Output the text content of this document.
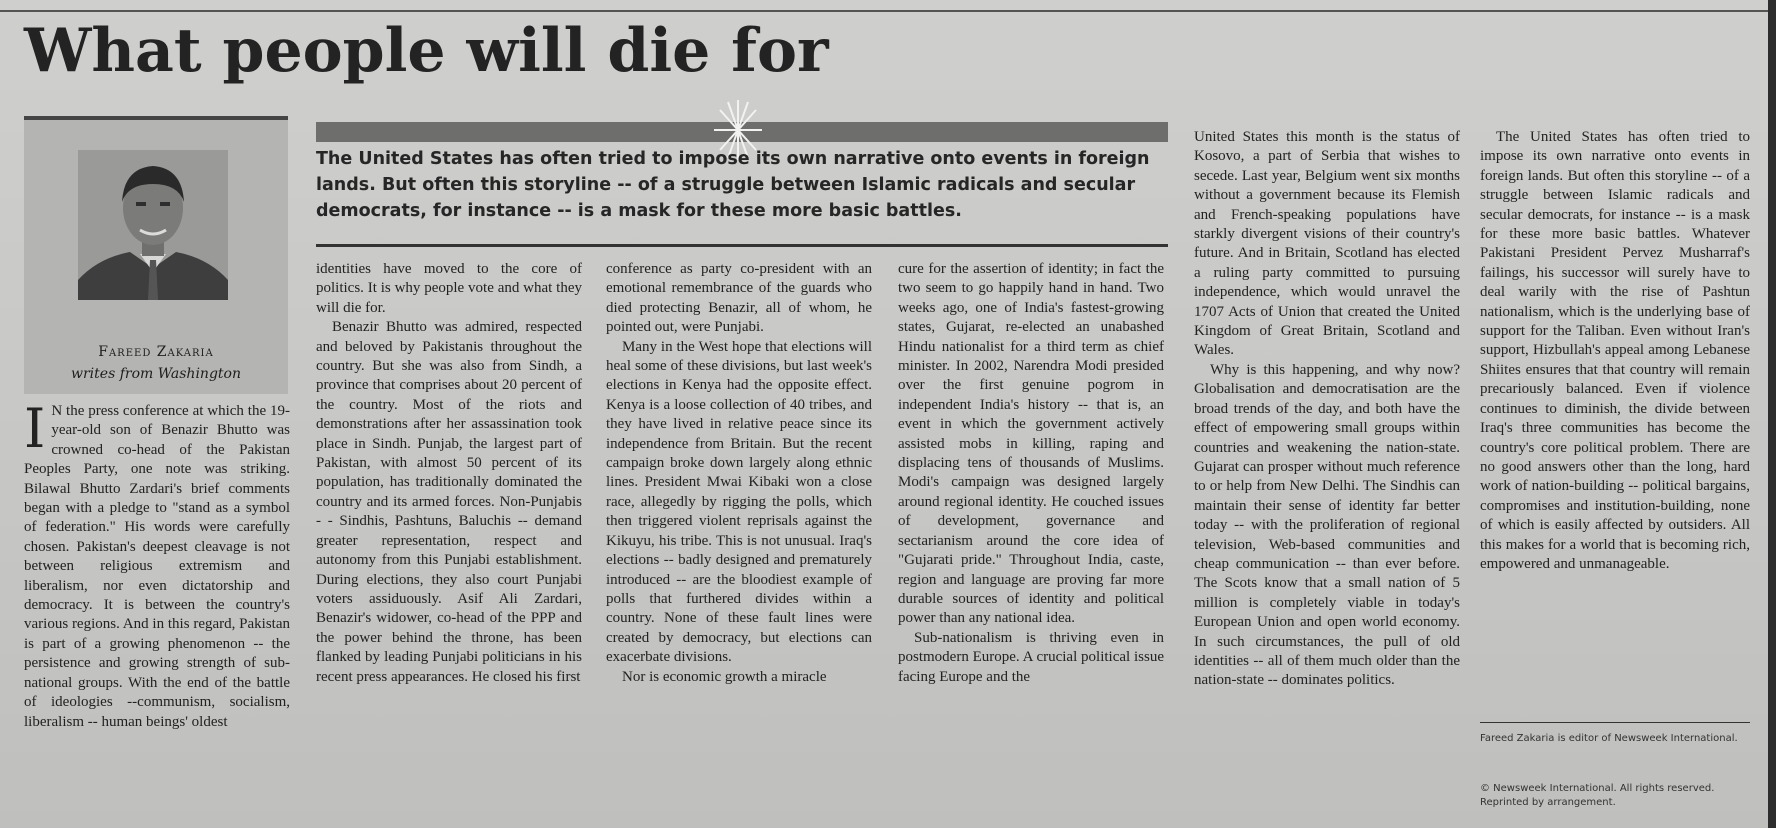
What people will die for
Fareed Zakaria
writes from Washington
The United States has often tried to impose its own narrative onto events in foreign lands. But often this storyline -- of a struggle between Islamic radicals and secular democrats, for instance -- is a mask for these more basic battles.

I N the press conference at which the 19-year-old son of Benazir Bhutto was crowned co-head of the Pakistan Peoples Party, one note was striking. Bilawal Bhutto Zardari's brief comments began with a pledge to "stand as a symbol of federation." His words were carefully chosen. Pakistan's deepest cleavage is not between religious extremism and liberalism, nor even dictatorship and democracy. It is between the country's various regions. And in this regard, Pakistan is part of a growing phenomenon -- the persistence and growing strength of sub-national groups. With the end of the battle of ideologies --communism, socialism, liberalism -- human beings' oldest

identities have moved to the core of politics. It is why people vote and what they will die for.

Benazir Bhutto was admired, respected and beloved by Pakistanis throughout the country. But she was also from Sindh, a province that comprises about 20 percent of the country. Most of the riots and demonstrations after her assassination took place in Sindh. Punjab, the largest part of Pakistan, with almost 50 percent of its population, has traditionally dominated the country and its armed forces. Non-Punjabis - - Sindhis, Pashtuns, Baluchis -- demand greater representation, respect and autonomy from this Punjabi establishment. During elections, they also court Punjabi voters assiduously. Asif Ali Zardari, Benazir's widower, co-head of the PPP and the power behind the throne, has been flanked by leading Punjabi politicians in his recent press appearances. He closed his first

conference as party co-president with an emotional remembrance of the guards who died protecting Benazir, all of whom, he pointed out, were Punjabi.

Many in the West hope that elections will heal some of these divisions, but last week's elections in Kenya had the opposite effect. Kenya is a loose collection of 40 tribes, and they have lived in relative peace since its independence from Britain. But the recent campaign broke down largely along ethnic lines. President Mwai Kibaki won a close race, allegedly by rigging the polls, which then triggered violent reprisals against the Kikuyu, his tribe. This is not unusual. Iraq's elections -- badly designed and prematurely introduced -- are the bloodiest example of polls that furthered divides within a country. None of these fault lines were created by democracy, but elections can exacerbate divisions.

Nor is economic growth a miracle

cure for the assertion of identity; in fact the two seem to go happily hand in hand. Two weeks ago, one of India's fastest-growing states, Gujarat, re-elected an unabashed Hindu nationalist for a third term as chief minister. In 2002, Narendra Modi presided over the first genuine pogrom in independent India's history -- that is, an event in which the government actively assisted mobs in killing, raping and displacing tens of thousands of Muslims. Modi's campaign was designed largely around regional identity. He couched issues of development, governance and sectarianism around the core idea of "Gujarati pride." Throughout India, caste, region and language are proving far more durable sources of identity and political power than any national idea.

Sub-nationalism is thriving even in postmodern Europe. A crucial political issue facing Europe and the

United States this month is the status of Kosovo, a part of Serbia that wishes to secede. Last year, Belgium went six months without a government because its Flemish and French-speaking populations have starkly divergent visions of their country's future. And in Britain, Scotland has elected a ruling party committed to pursuing independence, which would unravel the 1707 Acts of Union that created the United Kingdom of Great Britain, Scotland and Wales.

Why is this happening, and why now? Globalisation and democratisation are the broad trends of the day, and both have the effect of empowering small groups within countries and weakening the nation-state. Gujarat can prosper without much reference to or help from New Delhi. The Sindhis can maintain their sense of identity far better today -- with the proliferation of regional television, Web-based communities and cheap communication -- than ever before. The Scots know that a small nation of 5 million is completely viable in today's European Union and open world economy. In such circumstances, the pull of old identities -- all of them much older than the nation-state -- dominates politics.

The United States has often tried to impose its own narrative onto events in foreign lands. But often this storyline -- of a struggle between Islamic radicals and secular democrats, for instance -- is a mask for these more basic battles. Whatever Pakistani President Pervez Musharraf's failings, his successor will surely have to deal warily with the rise of Pashtun nationalism, which is the underlying base of support for the Taliban. Even without Iran's support, Hizbullah's appeal among Lebanese Shiites ensures that that country will remain precariously balanced. Even if violence continues to diminish, the divide between Iraq's three communities has become the country's core political problem. There are no good answers other than the long, hard work of nation-building -- political bargains, compromises and institution-building, none of which is easily affected by outsiders. All this makes for a world that is becoming rich, empowered and unmanageable.

Fareed Zakaria is editor of Newsweek International.
© Newsweek International. All rights reserved. Reprinted by arrangement.
